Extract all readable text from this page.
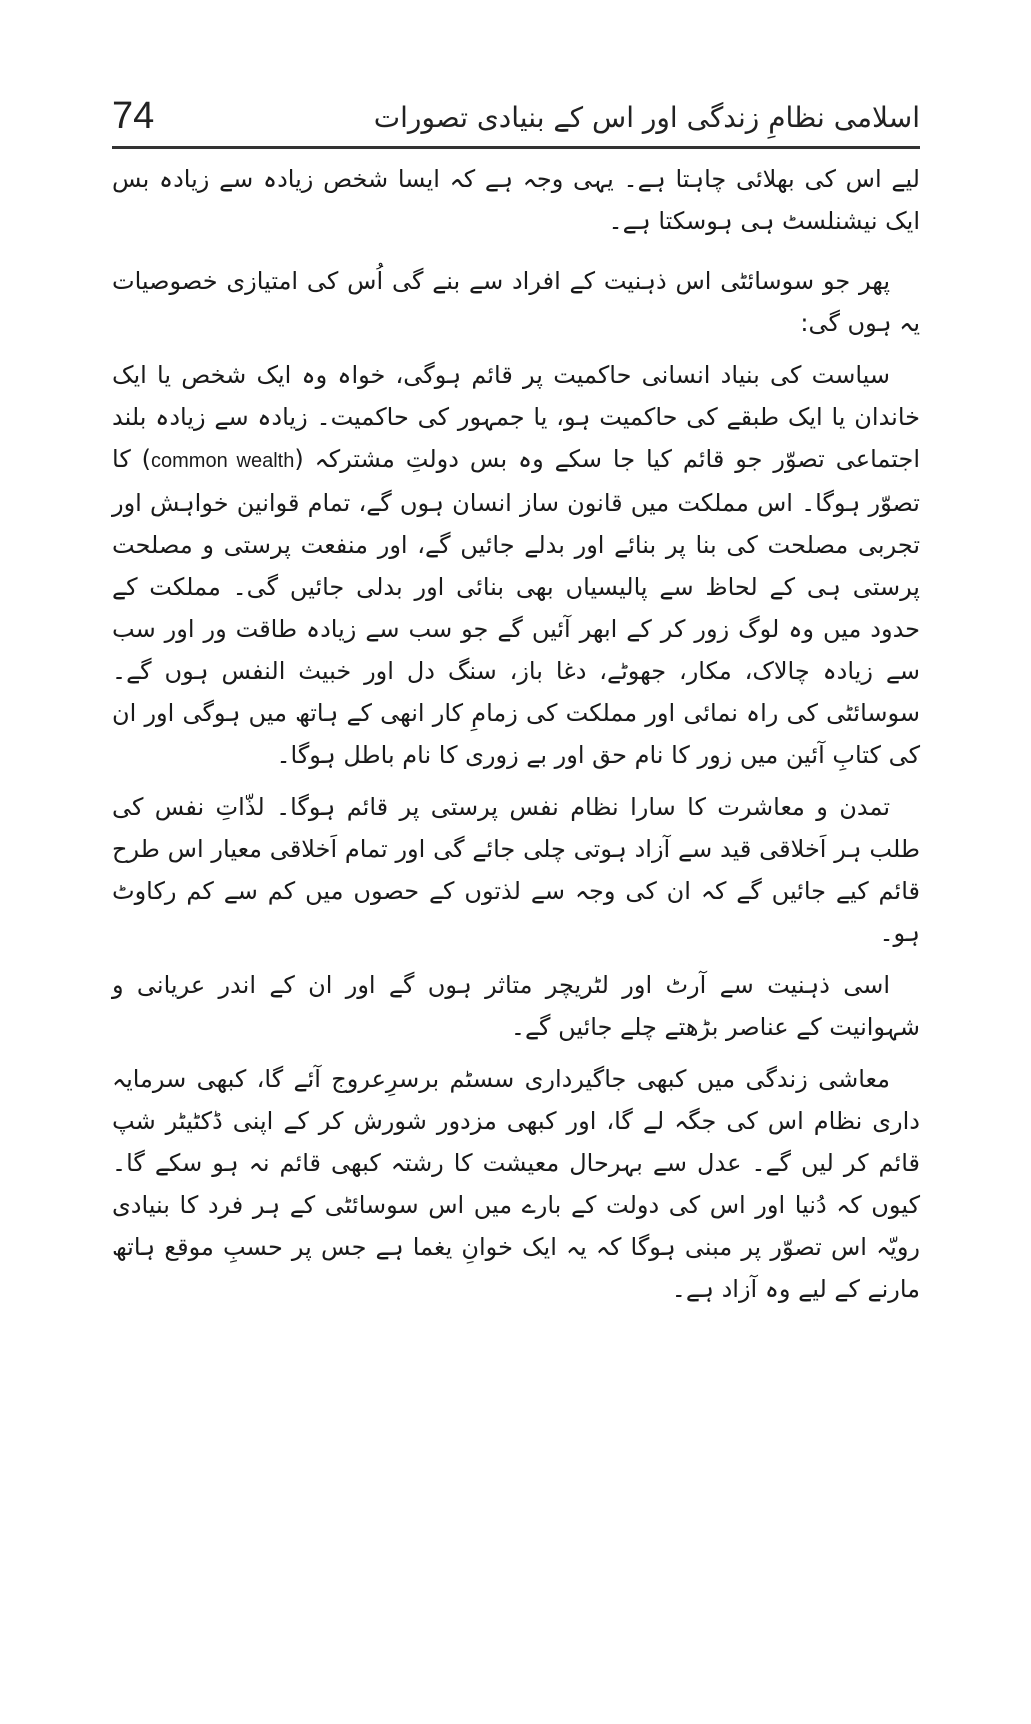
74	اسلامی نظامِ زندگی اور اس کے بنیادی تصورات

لیے اس کی بھلائی چاہتا ہے۔ یہی وجہ ہے کہ ایسا شخص زیادہ سے زیادہ بس ایک نیشنلسٹ ہی ہوسکتا ہے۔

پھر جو سوسائٹی اس ذہنیت کے افراد سے بنے گی اُس کی امتیازی خصوصیات یہ ہوں گی:

سیاست کی بنیاد انسانی حاکمیت پر قائم ہوگی، خواہ وہ ایک شخص یا ایک خاندان یا ایک طبقے کی حاکمیت ہو، یا جمہور کی حاکمیت۔ زیادہ سے زیادہ بلند اجتماعی تصوّر جو قائم کیا جا سکے وہ بس دولتِ مشترکہ (common wealth) کا تصوّر ہوگا۔ اس مملکت میں قانون ساز انسان ہوں گے، تمام قوانین خواہش اور تجربی مصلحت کی بنا پر بنائے اور بدلے جائیں گے، اور منفعت پرستی و مصلحت پرستی ہی کے لحاظ سے پالیسیاں بھی بنائی اور بدلی جائیں گی۔ مملکت کے حدود میں وہ لوگ زور کر کے ابھر آئیں گے جو سب سے زیادہ طاقت ور اور سب سے زیادہ چالاک، مکار، جھوٹے، دغا باز، سنگ دل اور خبیث النفس ہوں گے۔ سوسائٹی کی راہ نمائی اور مملکت کی زمامِ کار انھی کے ہاتھ میں ہوگی اور ان کی کتابِ آئین میں زور کا نام حق اور بے زوری کا نام باطل ہوگا۔

تمدن و معاشرت کا سارا نظام نفس پرستی پر قائم ہوگا۔ لذّاتِ نفس کی طلب ہر اَخلاقی قید سے آزاد ہوتی چلی جائے گی اور تمام اَخلاقی معیار اس طرح قائم کیے جائیں گے کہ ان کی وجہ سے لذتوں کے حصوں میں کم سے کم رکاوٹ ہو۔

اسی ذہنیت سے آرٹ اور لٹریچر متاثر ہوں گے اور ان کے اندر عریانی و شہوانیت کے عناصر بڑھتے چلے جائیں گے۔

معاشی زندگی میں کبھی جاگیرداری سسٹم برسرِعروج آئے گا، کبھی سرمایہ داری نظام اس کی جگہ لے گا، اور کبھی مزدور شورش کر کے اپنی ڈکٹیٹر شپ قائم کر لیں گے۔ عدل سے بہرحال معیشت کا رشتہ کبھی قائم نہ ہو سکے گا۔ کیوں کہ دُنیا اور اس کی دولت کے بارے میں اس سوسائٹی کے ہر فرد کا بنیادی رویّہ اس تصوّر پر مبنی ہوگا کہ یہ ایک خوانِ یغما ہے جس پر حسبِ موقع ہاتھ مارنے کے لیے وہ آزاد ہے۔
